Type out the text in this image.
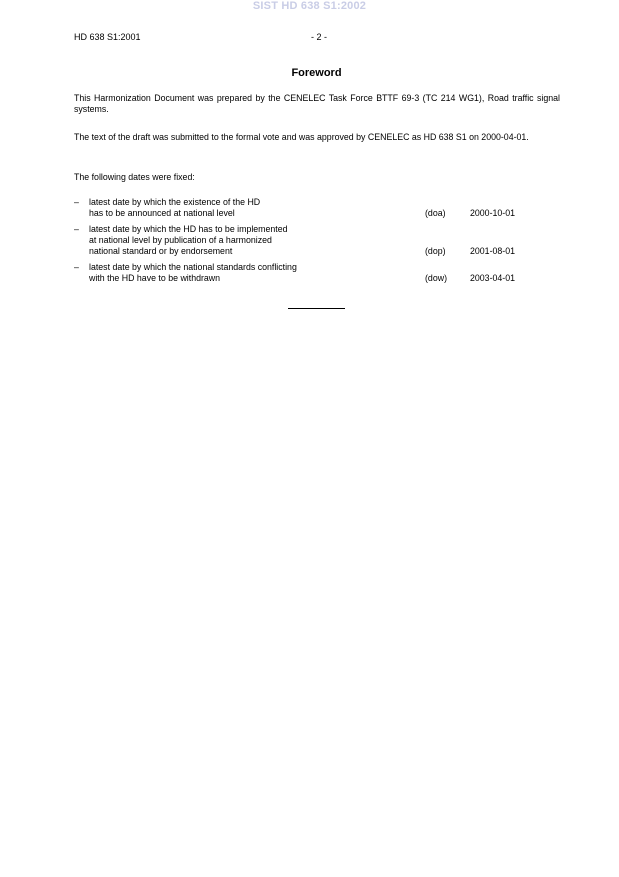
SIST HD 638 S1:2002
HD 638 S1:2001	- 2 -
Foreword
This Harmonization Document was prepared by the CENELEC Task Force BTTF 69-3 (TC 214 WG1), Road traffic signal systems.
The text of the draft was submitted to the formal vote and was approved by CENELEC as HD 638 S1 on 2000-04-01.
The following dates were fixed:
– latest date by which the existence of the HD
has to be announced at national level	(doa)	2000-10-01
– latest date by which the HD has to be implemented
at national level by publication of a harmonized
national standard or by endorsement	(dop)	2001-08-01
– latest date by which the national standards conflicting
with the HD have to be withdrawn	(dow)	2003-04-01
